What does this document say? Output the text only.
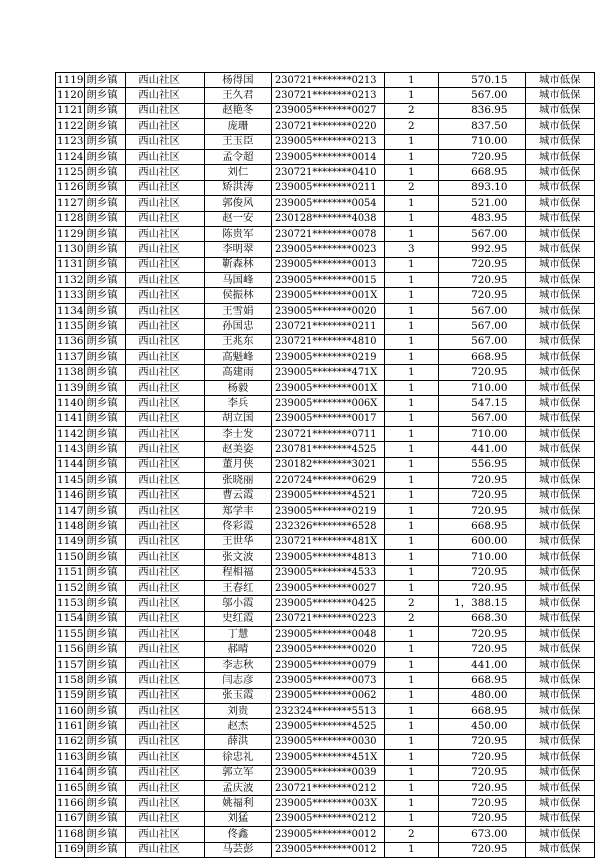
1119	朗乡镇	西山社区	杨得国	230721********0213	1	570.15	城市低保
1120	朗乡镇	西山社区	王久君	230721********0213	1	567.00	城市低保
1121	朗乡镇	西山社区	赵艳冬	239005********0027	2	836.95	城市低保
1122	朗乡镇	西山社区	庞珊	230721********0220	2	837.50	城市低保
1123	朗乡镇	西山社区	王玉臣	239005********0213	1	710.00	城市低保
1124	朗乡镇	西山社区	孟令超	239005********0014	1	720.95	城市低保
1125	朗乡镇	西山社区	刘仁	230721********0410	1	668.95	城市低保
1126	朗乡镇	西山社区	矫洪涛	239005********0211	2	893.10	城市低保
1127	朗乡镇	西山社区	郭俊风	239005********0054	1	521.00	城市低保
1128	朗乡镇	西山社区	赵一安	230128********4038	1	483.95	城市低保
1129	朗乡镇	西山社区	陈贵军	230721********0078	1	567.00	城市低保
1130	朗乡镇	西山社区	李明翠	239005********0023	3	992.95	城市低保
1131	朗乡镇	西山社区	靳森林	239005********0013	1	720.95	城市低保
1132	朗乡镇	西山社区	马国峰	239005********0015	1	720.95	城市低保
1133	朗乡镇	西山社区	侯振林	239005********001X	1	720.95	城市低保
1134	朗乡镇	西山社区	王雪娟	239005********0020	1	567.00	城市低保
1135	朗乡镇	西山社区	孙国忠	230721********0211	1	567.00	城市低保
1136	朗乡镇	西山社区	王兆东	230721********4810	1	567.00	城市低保
1137	朗乡镇	西山社区	高魁峰	239005********0219	1	668.95	城市低保
1138	朗乡镇	西山社区	高建雨	239005********471X	1	720.95	城市低保
1139	朗乡镇	西山社区	杨毅	239005********001X	1	710.00	城市低保
1140	朗乡镇	西山社区	李兵	239005********006X	1	547.15	城市低保
1141	朗乡镇	西山社区	胡立国	239005********0017	1	567.00	城市低保
1142	朗乡镇	西山社区	李士发	230721********0711	1	710.00	城市低保
1143	朗乡镇	西山社区	赵美姿	230781********4525	1	441.00	城市低保
1144	朗乡镇	西山社区	董月侠	230182********3021	1	556.95	城市低保
1145	朗乡镇	西山社区	张晓丽	220724********0629	1	720.95	城市低保
1146	朗乡镇	西山社区	曹云霞	239005********4521	1	720.95	城市低保
1147	朗乡镇	西山社区	郑学丰	239005********0219	1	720.95	城市低保
1148	朗乡镇	西山社区	佟彩霞	232326********6528	1	668.95	城市低保
1149	朗乡镇	西山社区	王世华	230721********481X	1	600.00	城市低保
1150	朗乡镇	西山社区	张文波	239005********4813	1	710.00	城市低保
1151	朗乡镇	西山社区	程相福	239005********4533	1	720.95	城市低保
1152	朗乡镇	西山社区	王春红	239005********0027	1	720.95	城市低保
1153	朗乡镇	西山社区	邬小霞	239005********0425	2	1，388.15	城市低保
1154	朗乡镇	西山社区	史红霞	230721********0223	2	668.30	城市低保
1155	朗乡镇	西山社区	丁慧	239005********0048	1	720.95	城市低保
1156	朗乡镇	西山社区	郝晴	239005********0020	1	720.95	城市低保
1157	朗乡镇	西山社区	李志秋	239005********0079	1	441.00	城市低保
1158	朗乡镇	西山社区	闫志彦	239005********0073	1	668.95	城市低保
1159	朗乡镇	西山社区	张玉霞	239005********0062	1	480.00	城市低保
1160	朗乡镇	西山社区	刘贵	232324********5513	1	668.95	城市低保
1161	朗乡镇	西山社区	赵杰	239005********4525	1	450.00	城市低保
1162	朗乡镇	西山社区	薛洪	239005********0030	1	720.95	城市低保
1163	朗乡镇	西山社区	徐忠礼	239005********451X	1	720.95	城市低保
1164	朗乡镇	西山社区	郭立军	239005********0039	1	720.95	城市低保
1165	朗乡镇	西山社区	孟庆波	230721********0212	1	720.95	城市低保
1166	朗乡镇	西山社区	姚福利	239005********003X	1	720.95	城市低保
1167	朗乡镇	西山社区	刘猛	239005********0212	1	720.95	城市低保
1168	朗乡镇	西山社区	佟鑫	239005********0012	2	673.00	城市低保
1169	朗乡镇	西山社区	马芸彭	239005********0012	1	720.95	城市低保
